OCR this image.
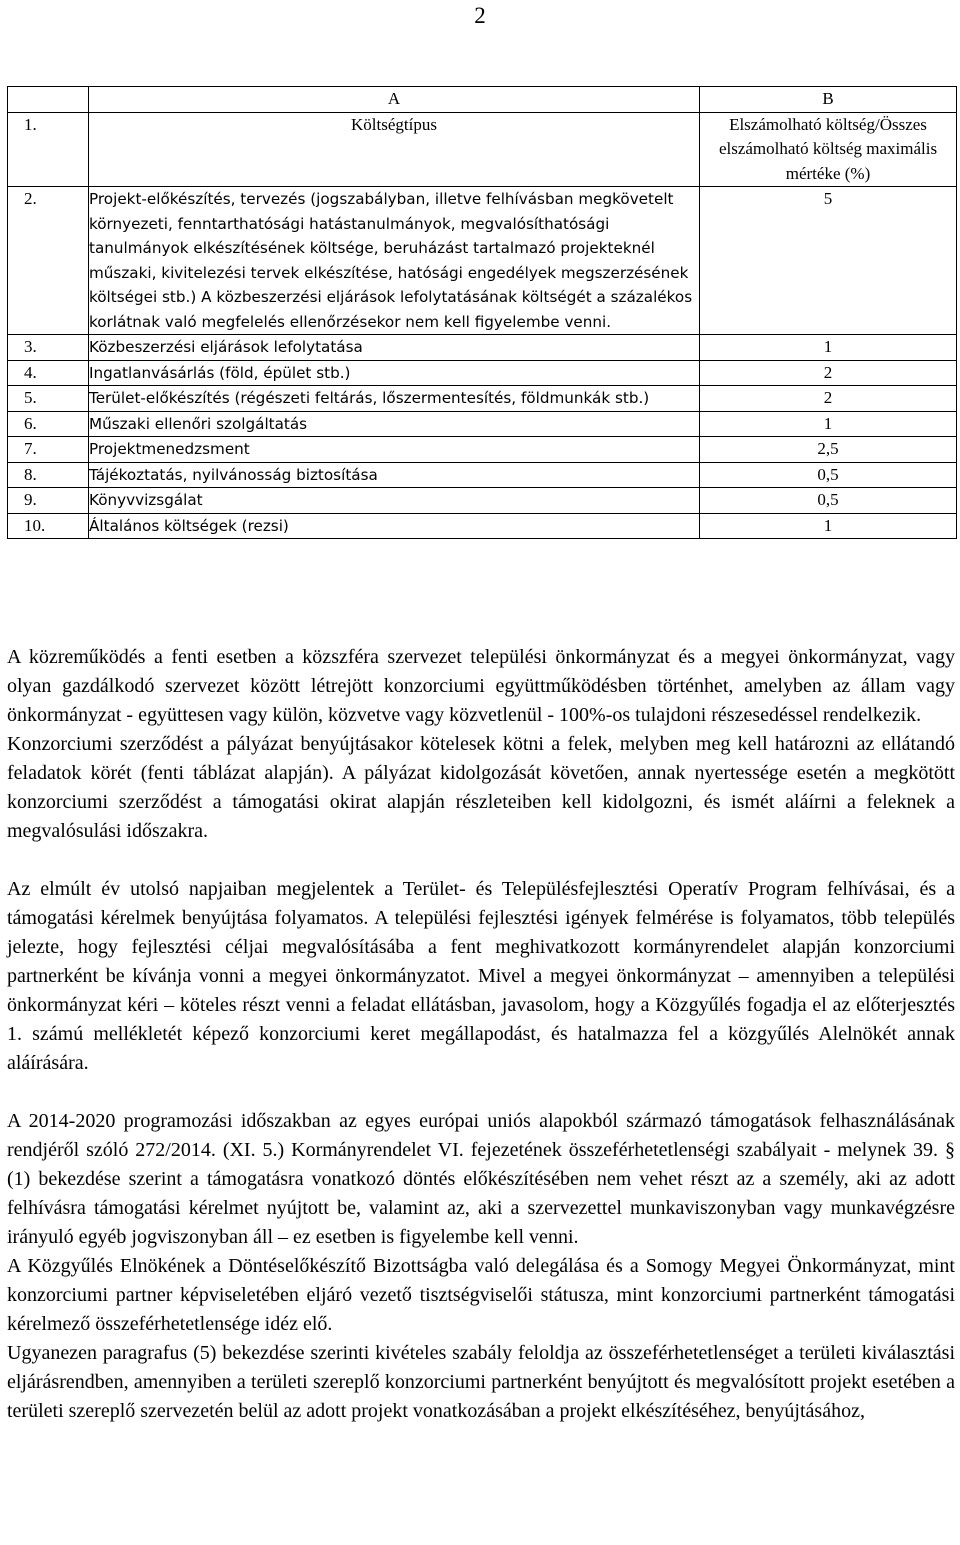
2
	A	B
1.	Költségtípus	Elszámolható költség/Összes elszámolható költség maximális mértéke (%)
2.	Projekt-előkészítés, tervezés (jogszabályban, illetve felhívásban megkövetelt környezeti, fenntarthatósági hatástanulmányok, megvalósíthatósági tanulmányok elkészítésének költsége, beruházást tartalmazó projekteknél műszaki, kivitelezési tervek elkészítése, hatósági engedélyek megszerzésének költségei stb.) A közbeszerzési eljárások lefolytatásának költségét a százalékos korlátnak való megfelelés ellenőrzésekor nem kell figyelembe venni.	5
3.	Közbeszerzési eljárások lefolytatása	1
4.	Ingatlanvásárlás (föld, épület stb.)	2
5.	Terület-előkészítés (régészeti feltárás, lőszermentesítés, földmunkák stb.)	2
6.	Műszaki ellenőri szolgáltatás	1
7.	Projektmenedzsment	2,5
8.	Tájékoztatás, nyilvánosság biztosítása	0,5
9.	Könyvvizsgálat	0,5
10.	Általános költségek (rezsi)	1

A közreműködés a fenti esetben a közszféra szervezet települési önkormányzat és a megyei önkormányzat, vagy olyan gazdálkodó szervezet között létrejött konzorciumi együttműködésben történhet, amelyben az állam vagy önkormányzat - együttesen vagy külön, közvetve vagy közvetlenül - 100%-os tulajdoni részesedéssel rendelkezik.

Konzorciumi szerződést a pályázat benyújtásakor kötelesek kötni a felek, melyben meg kell határozni az ellátandó feladatok körét (fenti táblázat alapján). A pályázat kidolgozását követően, annak nyertessége esetén a megkötött konzorciumi szerződést a támogatási okirat alapján részleteiben kell kidolgozni, és ismét aláírni a feleknek a megvalósulási időszakra.

Az elmúlt év utolsó napjaiban megjelentek a Terület- és Településfejlesztési Operatív Program felhívásai, és a támogatási kérelmek benyújtása folyamatos. A települési fejlesztési igények felmérése is folyamatos, több település jelezte, hogy fejlesztési céljai megvalósításába a fent meghivatkozott kormányrendelet alapján konzorciumi partnerként be kívánja vonni a megyei önkormányzatot. Mivel a megyei önkormányzat – amennyiben a települési önkormányzat kéri – köteles részt venni a feladat ellátásban, javasolom, hogy a Közgyűlés fogadja el az előterjesztés 1. számú mellékletét képező konzorciumi keret megállapodást, és hatalmazza fel a közgyűlés Alelnökét annak aláírására.

A 2014-2020 programozási időszakban az egyes európai uniós alapokból származó támogatások felhasználásának rendjéről szóló 272/2014. (XI. 5.) Kormányrendelet VI. fejezetének összeférhetetlenségi szabályait - melynek 39. § (1) bekezdése szerint a támogatásra vonatkozó döntés előkészítésében nem vehet részt az a személy, aki az adott felhívásra támogatási kérelmet nyújtott be, valamint az, aki a szervezettel munkaviszonyban vagy munkavégzésre irányuló egyéb jogviszonyban áll – ez esetben is figyelembe kell venni.

A Közgyűlés Elnökének a Döntéselőkészítő Bizottságba való delegálása és a Somogy Megyei Önkormányzat, mint konzorciumi partner képviseletében eljáró vezető tisztségviselői státusza, mint konzorciumi partnerként támogatási kérelmező összeférhetetlensége idéz elő.

Ugyanezen paragrafus (5) bekezdése szerinti kivételes szabály feloldja az összeférhetetlenséget a területi kiválasztási eljárásrendben, amennyiben a területi szereplő konzorciumi partnerként benyújtott és megvalósított projekt esetében a területi szereplő szervezetén belül az adott projekt vonatkozásában a projekt elkészítéséhez, benyújtásához,
